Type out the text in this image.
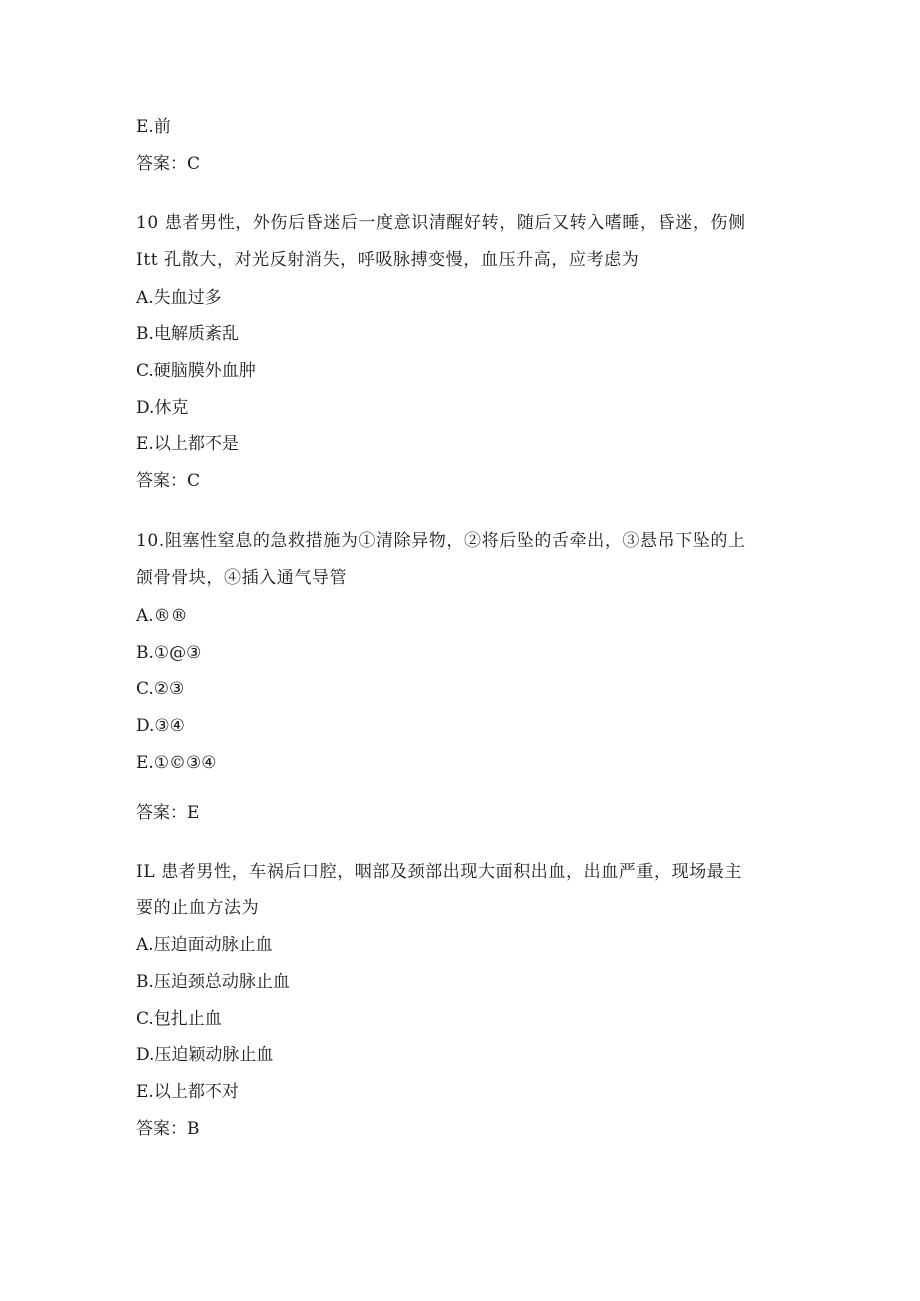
E.前
答案：C
10 患者男性，外伤后昏迷后一度意识清醒好转，随后又转入嗜睡，昏迷，伤侧
Itt 孔散大，对光反射消失，呼吸脉搏变慢，血压升高，应考虑为
A.失血过多
B.电解质紊乱
C.硬脑膜外血肿
D.休克
E.以上都不是
答案：C
10.阻塞性窒息的急救措施为①清除异物，②将后坠的舌牵出，③悬吊下坠的上
颌骨骨块，④插入通气导管
A.®®
B.①@③
C.②③
D.③④
E.①©③④
答案：E
IL 患者男性，车祸后口腔，咽部及颈部出现大面积出血，出血严重，现场最主
要的止血方法为
A.压迫面动脉止血
B.压迫颈总动脉止血
C.包扎止血
D.压迫颖动脉止血
E.以上都不对
答案：B
